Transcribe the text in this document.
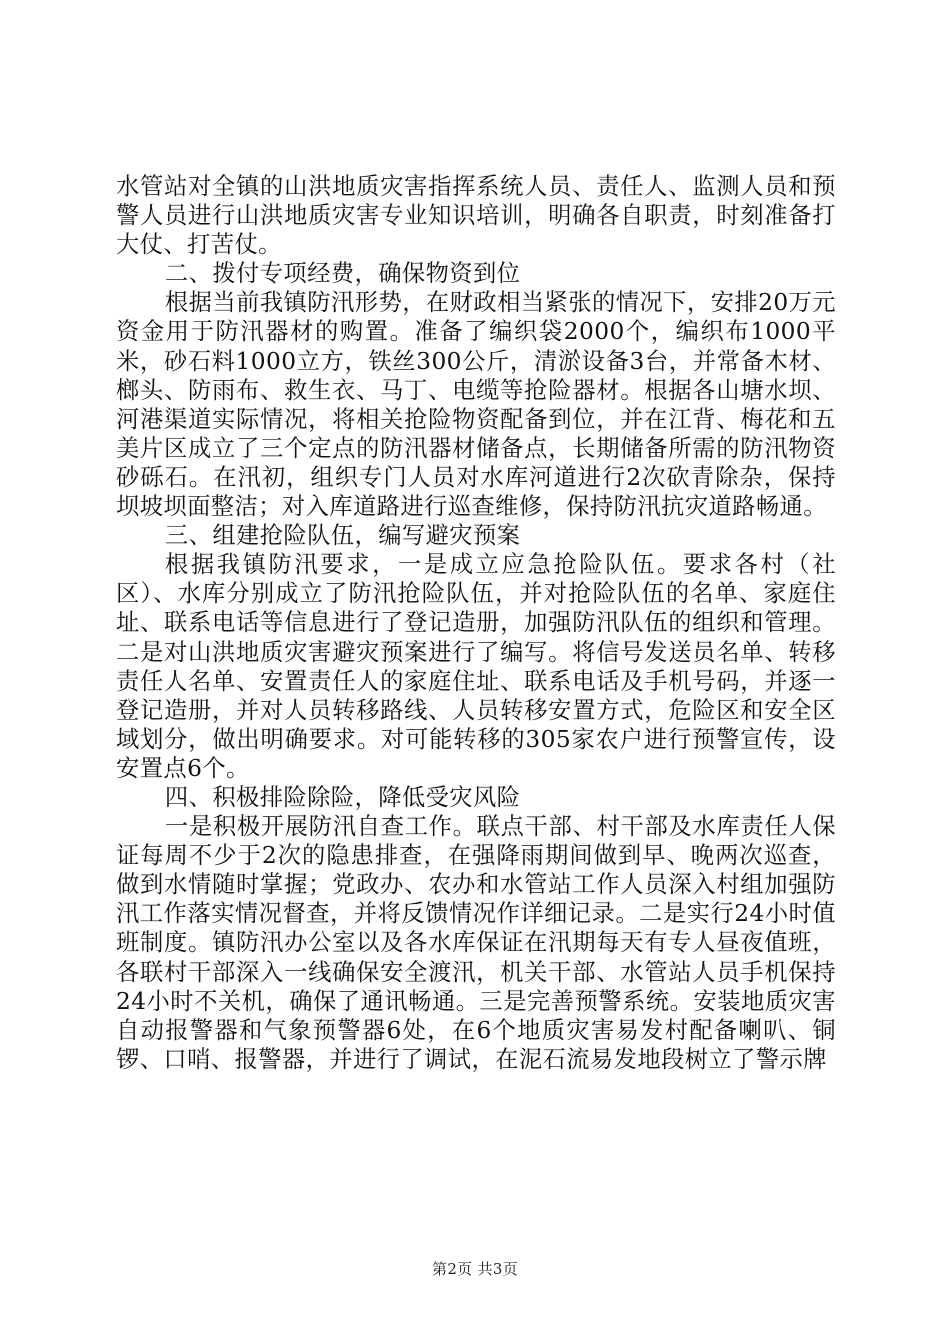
水管站对全镇的山洪地质灾害指挥系统人员、责任人、监测人员和预警人员进行山洪地质灾害专业知识培训，明确各自职责，时刻准备打大仗、打苦仗。

二、拨付专项经费，确保物资到位

根据当前我镇防汛形势，在财政相当紧张的情况下，安排20万元资金用于防汛器材的购置。准备了编织袋2000个，编织布1000平米，砂石料1000立方，铁丝300公斤，清淤设备3台，并常备木材、榔头、防雨布、救生衣、马丁、电缆等抢险器材。根据各山塘水坝、河港渠道实际情况，将相关抢险物资配备到位，并在江背、梅花和五美片区成立了三个定点的防汛器材储备点，长期储备所需的防汛物资砂砾石。在汛初，组织专门人员对水库河道进行2次砍青除杂，保持坝坡坝面整洁；对入库道路进行巡查维修，保持防汛抗灾道路畅通。

三、组建抢险队伍，编写避灾预案

根据我镇防汛要求，一是成立应急抢险队伍。要求各村（社区）、水库分别成立了防汛抢险队伍，并对抢险队伍的名单、家庭住址、联系电话等信息进行了登记造册，加强防汛队伍的组织和管理。二是对山洪地质灾害避灾预案进行了编写。将信号发送员名单、转移责任人名单、安置责任人的家庭住址、联系电话及手机号码，并逐一登记造册，并对人员转移路线、人员转移安置方式，危险区和安全区域划分，做出明确要求。对可能转移的305家农户进行预警宣传，设安置点6个。

四、积极排险除险，降低受灾风险

一是积极开展防汛自查工作。联点干部、村干部及水库责任人保证每周不少于2次的隐患排查，在强降雨期间做到早、晚两次巡查，做到水情随时掌握；党政办、农办和水管站工作人员深入村组加强防汛工作落实情况督查，并将反馈情况作详细记录。二是实行24小时值班制度。镇防汛办公室以及各水库保证在汛期每天有专人昼夜值班，各联村干部深入一线确保安全渡汛，机关干部、水管站人员手机保持24小时不关机，确保了通讯畅通。三是完善预警系统。安装地质灾害自动报警器和气象预警器6处，在6个地质灾害易发村配备喇叭、铜锣、口哨、报警器，并进行了调试，在泥石流易发地段树立了警示牌

第2页 共3页
